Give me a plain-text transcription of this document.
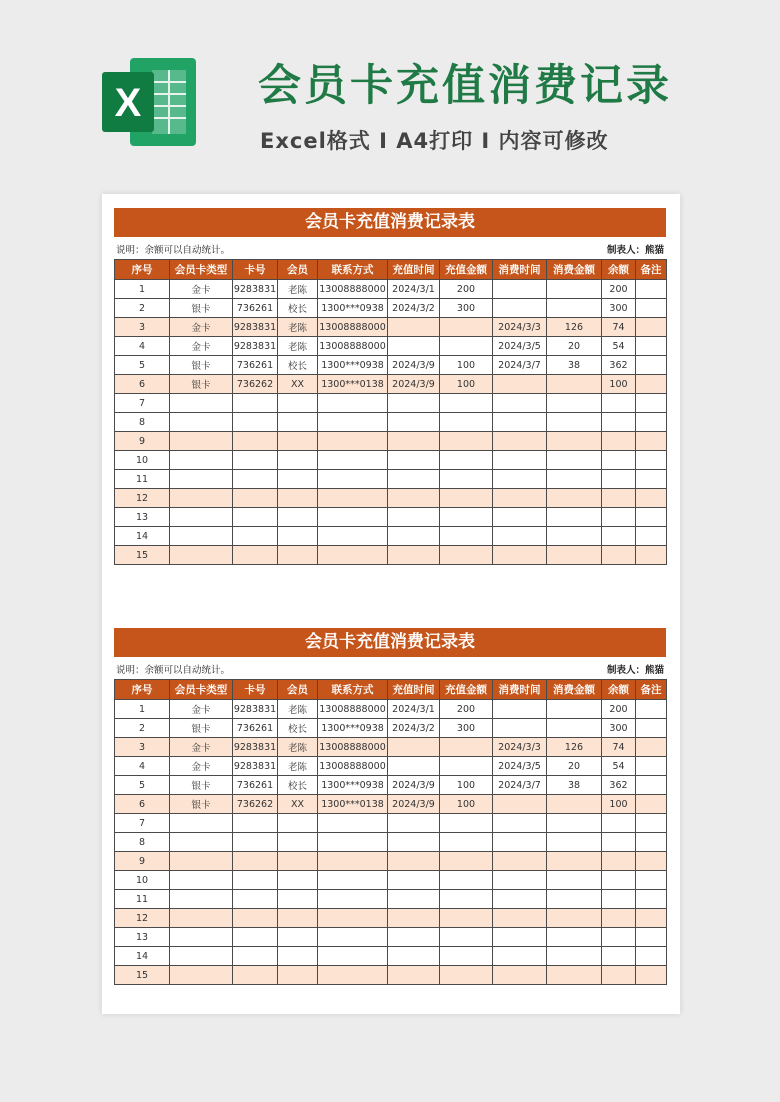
X	会员卡充值消费记录
Excel格式 I A4打印 I 内容可修改
会员卡充值消费记录表
说明：余额可以自动统计。	制表人：熊猫
序号	会员卡类型	卡号	会员	联系方式	充值时间	充值金额	消费时间	消费金额	余额	备注
1	金卡	9283831	老陈	13008888000	2024/3/1	200			200	
2	银卡	736261	校长	1300***0938	2024/3/2	300			300	
3	金卡	9283831	老陈	13008888000			2024/3/3	126	74	
4	金卡	9283831	老陈	13008888000			2024/3/5	20	54	
5	银卡	736261	校长	1300***0938	2024/3/9	100	2024/3/7	38	362	
6	银卡	736262	XX	1300***0138	2024/3/9	100			100	
7										
8										
9										
10										
11										
12										
13										
14										
15										
会员卡充值消费记录表
说明：余额可以自动统计。	制表人：熊猫
序号	会员卡类型	卡号	会员	联系方式	充值时间	充值金额	消费时间	消费金额	余额	备注
1	金卡	9283831	老陈	13008888000	2024/3/1	200			200	
2	银卡	736261	校长	1300***0938	2024/3/2	300			300	
3	金卡	9283831	老陈	13008888000			2024/3/3	126	74	
4	金卡	9283831	老陈	13008888000			2024/3/5	20	54	
5	银卡	736261	校长	1300***0938	2024/3/9	100	2024/3/7	38	362	
6	银卡	736262	XX	1300***0138	2024/3/9	100			100	
7										
8										
9										
10										
11										
12										
13										
14										
15										
